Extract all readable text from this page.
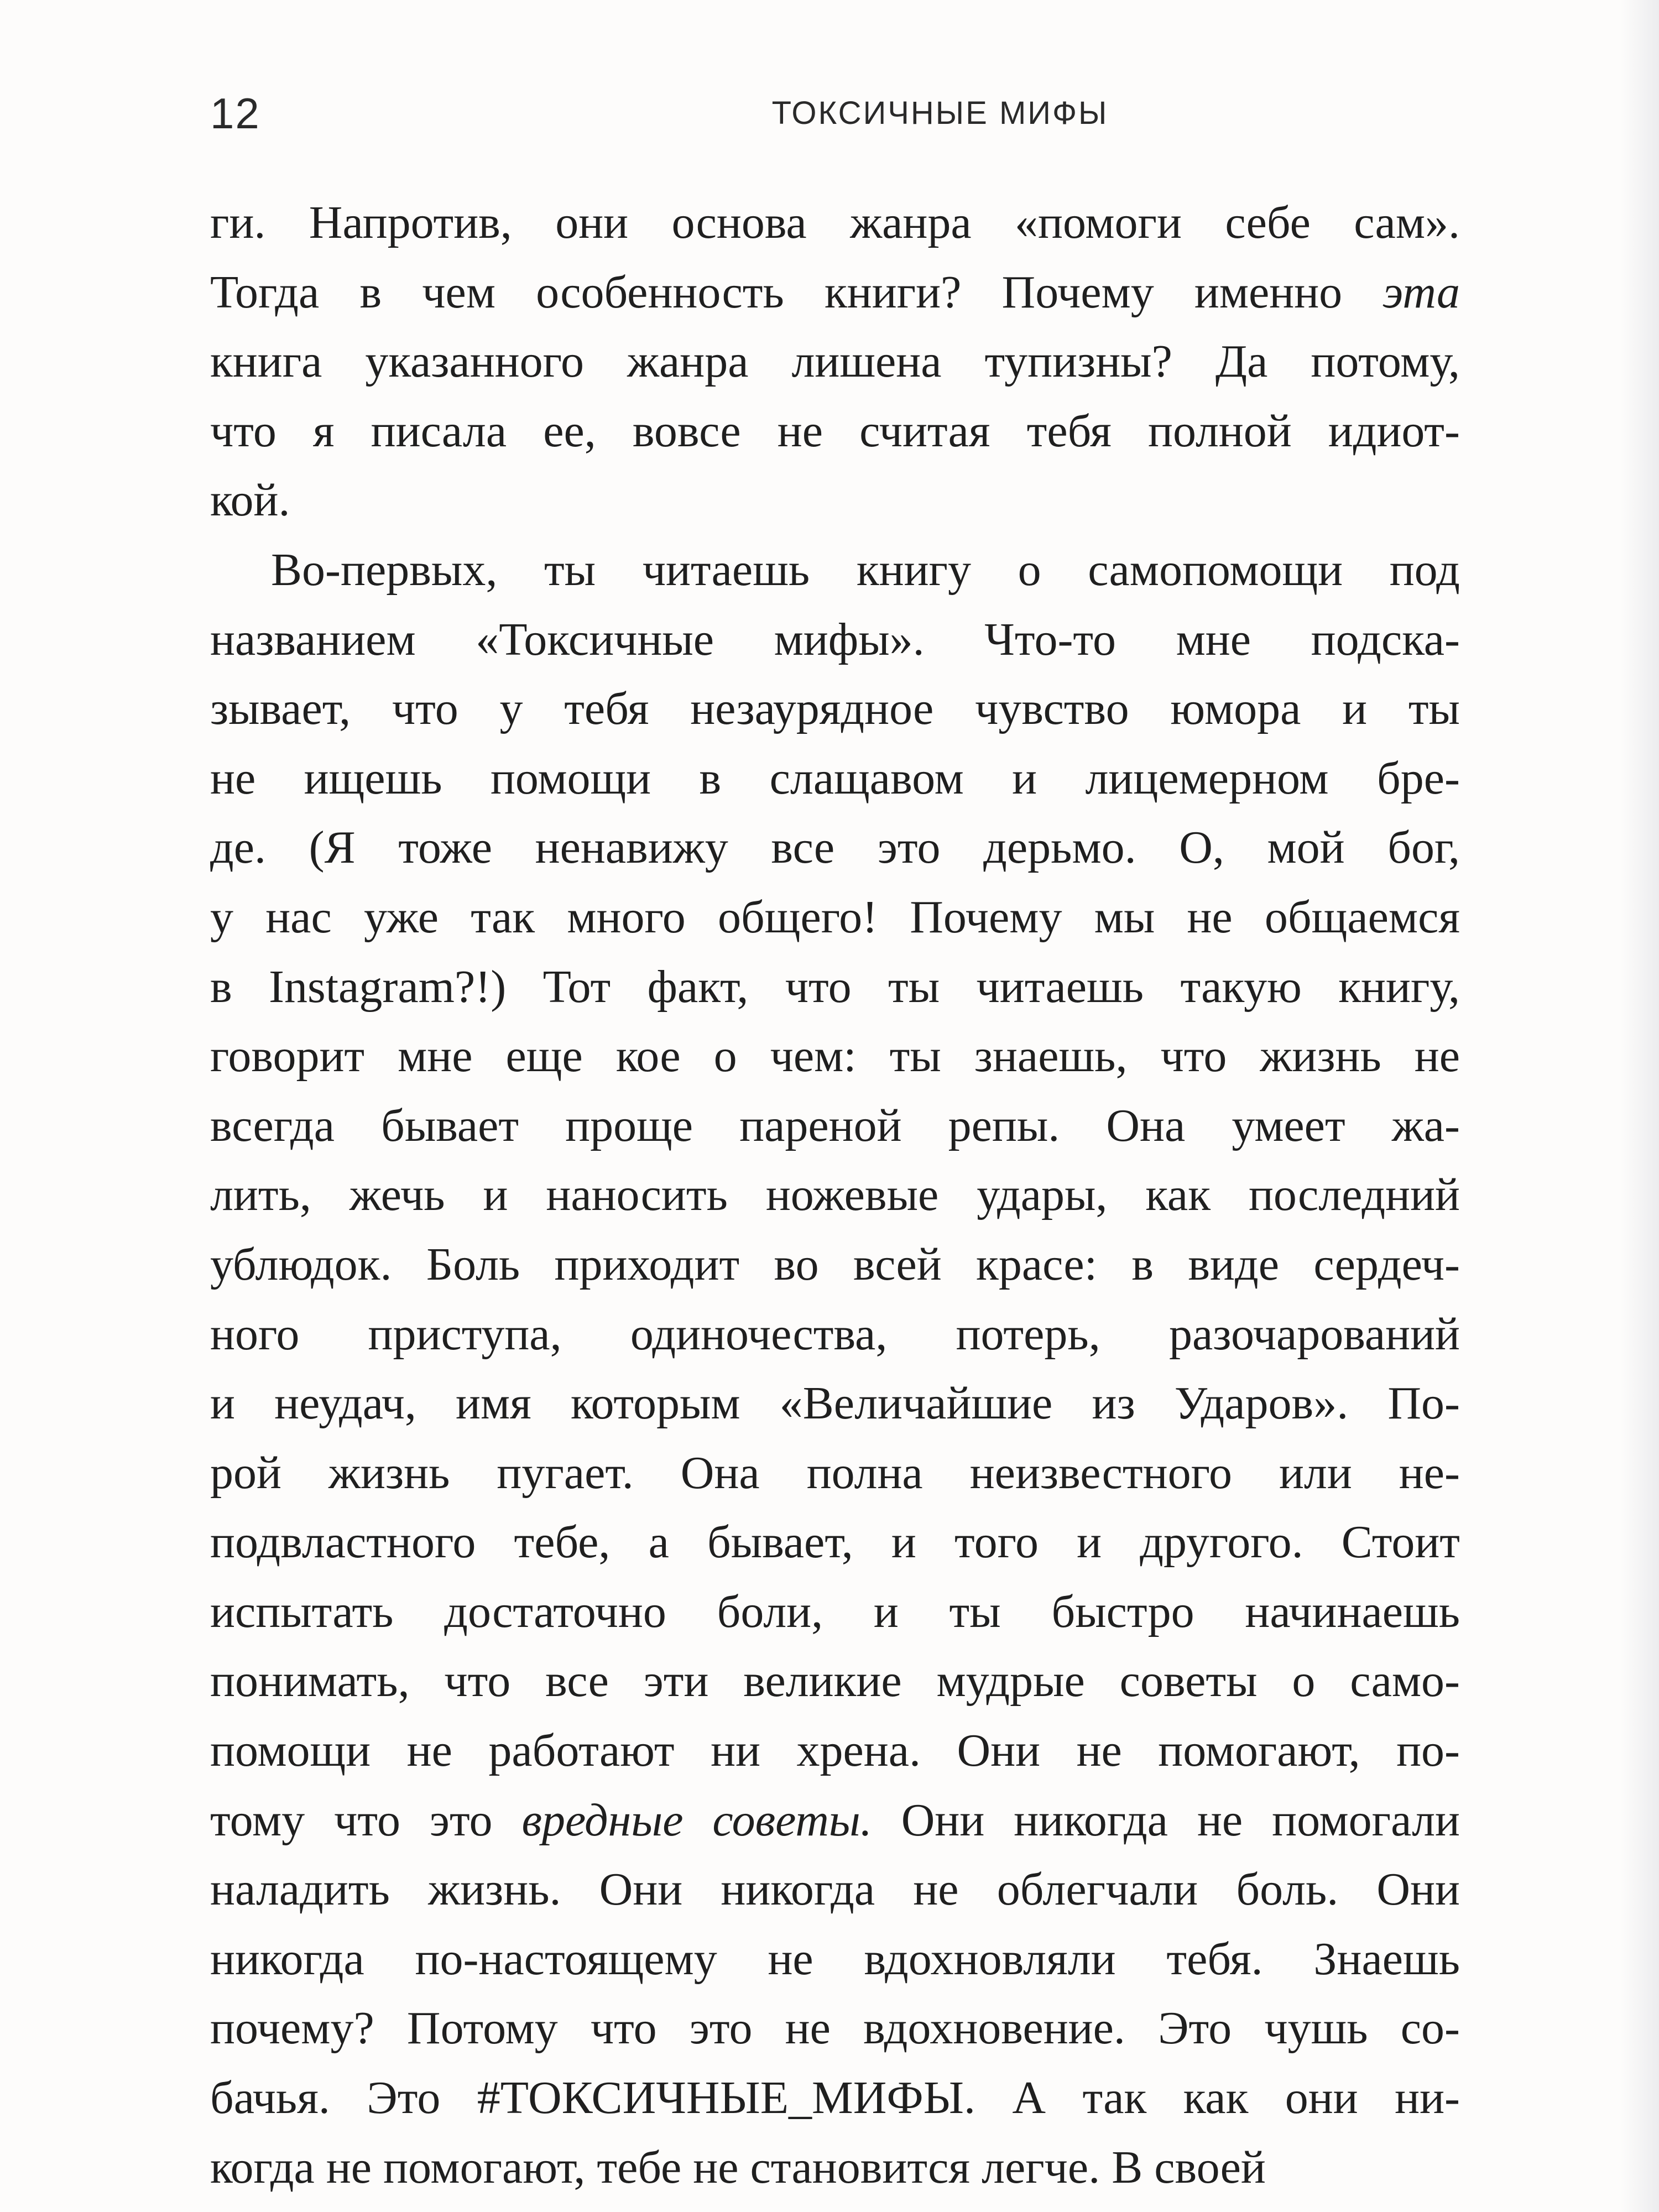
12	ТОКСИЧНЫЕ МИФЫ
ги. Напротив, они основа жанра «помоги себе сам».
Тогда в чем особенность книги? Почему именно эта
книга указанного жанра лишена тупизны? Да потому,
что я писала ее, вовсе не считая тебя полной идиот-
кой.
Во-первых, ты читаешь книгу о самопомощи под
названием «Токсичные мифы». Что-то мне подска-
зывает, что у тебя незаурядное чувство юмора и ты
не ищешь помощи в слащавом и лицемерном бре-
де. (Я тоже ненавижу все это дерьмо. О, мой бог,
у нас уже так много общего! Почему мы не общаемся
в Instagram?!) Тот факт, что ты читаешь такую книгу,
говорит мне еще кое о чем: ты знаешь, что жизнь не
всегда бывает проще пареной репы. Она умеет жа-
лить, жечь и наносить ножевые удары, как последний
ублюдок. Боль приходит во всей красе: в виде сердеч-
ного приступа, одиночества, потерь, разочарований
и неудач, имя которым «Величайшие из Ударов». По-
рой жизнь пугает. Она полна неизвестного или не-
подвластного тебе, а бывает, и того и другого. Стоит
испытать достаточно боли, и ты быстро начинаешь
понимать, что все эти великие мудрые советы о само-
помощи не работают ни хрена. Они не помогают, по-
тому что это вредные советы. Они никогда не помогали
наладить жизнь. Они никогда не облегчали боль. Они
никогда по-настоящему не вдохновляли тебя. Знаешь
почему? Потому что это не вдохновение. Это чушь со-
бачья. Это #ТОКСИЧНЫЕ_МИФЫ. А так как они ни-
когда не помогают, тебе не становится легче. В своей
